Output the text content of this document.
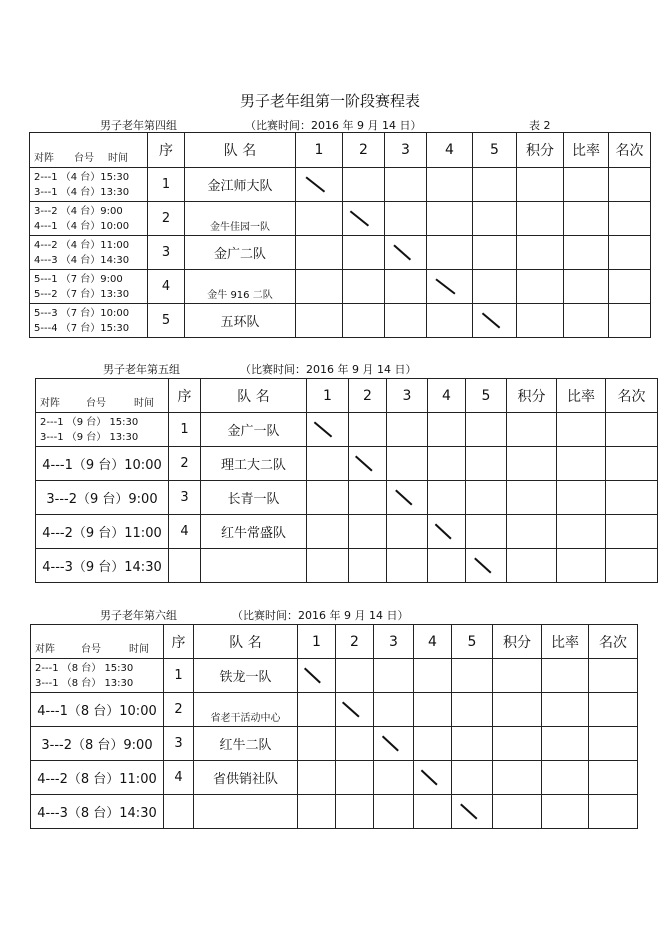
男子老年组第一阶段赛程表
男子老年第四组	（比赛时间：2016 年 9 月 14 日）	表 2
对阵 台号 时间	序	队 名	1	2	3	4	5	积分	比率	名次

2---1 （4 台）15:30
3---1 （4 台）13:30	1	金江师大队	

3---2 （4 台）9:00
4---1 （4 台）10:00	2	金牛佳园一队		

4---2 （4 台）11:00
4---3 （4 台）14:30	3	金广二队			

5---1 （7 台）9:00
5---2 （7 台）13:30	4	金牛 916 二队				

5---3 （7 台）10:00
5---4 （7 台）15:30	5	五环队					

男子老年第五组	（比赛时间：2016 年 9 月 14 日）
对阵 台号 时间	序	队 名	1	2	3	4	5	积分	比率	名次

2---1 （9 台） 15:30
3---1 （9 台） 13:30	1	金广一队	

4---1（9 台）10:00	2	理工大二队		

3---2（9 台）9:00	3	长青一队			

4---2（9 台）11:00	4	红牛常盛队				

4---3（9 台）14:30							

男子老年第六组	（比赛时间：2016 年 9 月 14 日）
对阵 台号 时间	序	队 名	1	2	3	4	5	积分	比率	名次

2---1 （8 台） 15:30
3---1 （8 台） 13:30	1	铁龙一队	

4---1（8 台）10:00	2	省老干活动中心		

3---2（8 台）9:00	3	红牛二队			

4---2（8 台）11:00	4	省供销社队				

4---3（8 台）14:30							
